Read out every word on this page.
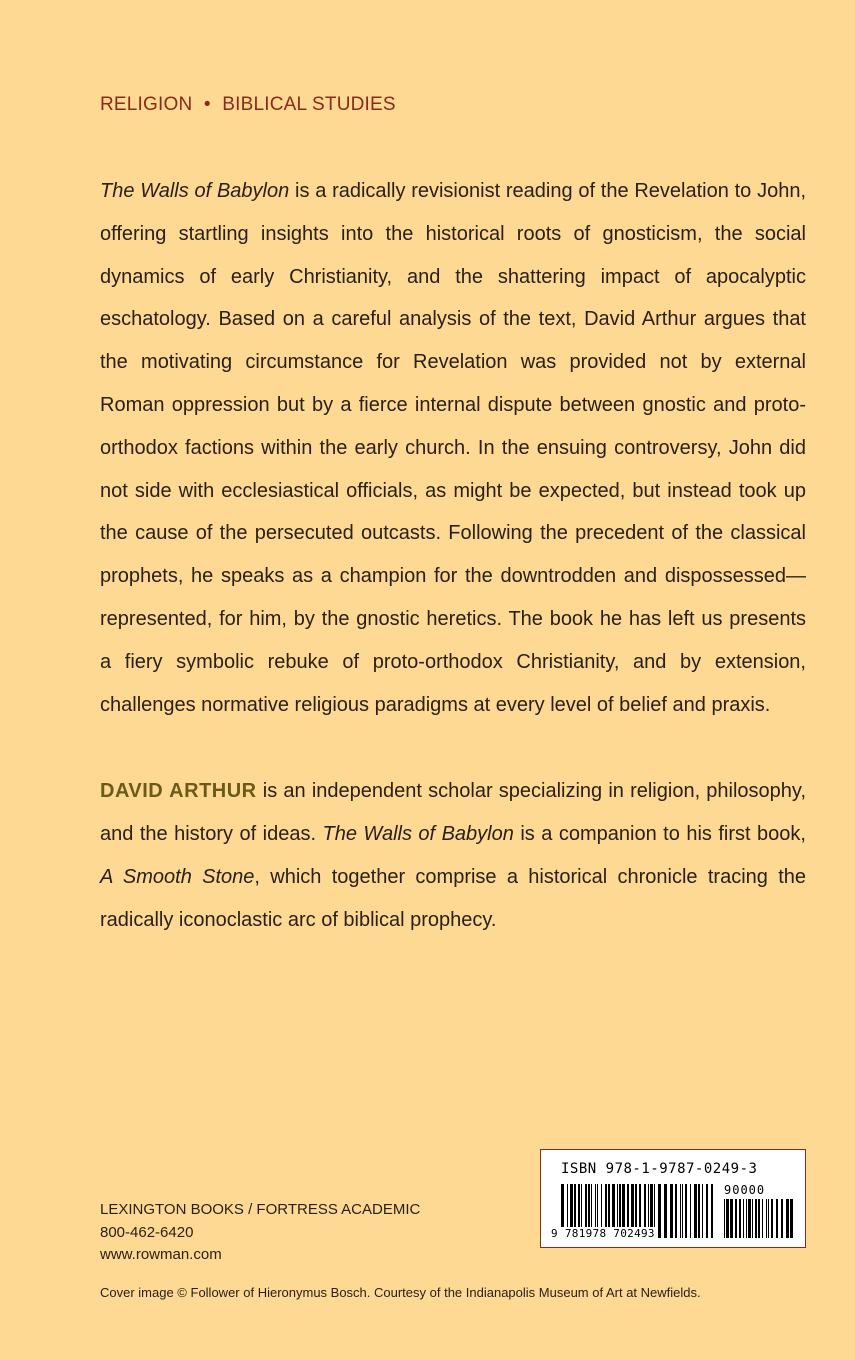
RELIGION • BIBLICAL STUDIES

The Walls of Babylon is a radically revisionist reading of the Revelation to John, offering startling insights into the historical roots of gnosticism, the social dynamics of early Christianity, and the shattering impact of apocalyptic eschatology. Based on a careful analysis of the text, David Arthur argues that the motivating circumstance for Revelation was provided not by external Roman oppression but by a fierce internal dispute between gnostic and proto-orthodox factions within the early church. In the ensuing controversy, John did not side with ecclesiastical officials, as might be expected, but instead took up the cause of the persecuted outcasts. Following the precedent of the classical prophets, he speaks as a champion for the downtrodden and dispossessed—represented, for him, by the gnostic heretics. The book he has left us presents a fiery symbolic rebuke of proto-orthodox Christianity, and by extension, challenges normative religious paradigms at every level of belief and praxis.

DAVID ARTHUR is an independent scholar specializing in religion, philosophy, and the history of ideas. The Walls of Babylon is a companion to his first book, A Smooth Stone, which together comprise a historical chronicle tracing the radically iconoclastic arc of biblical prophecy.

LEXINGTON BOOKS / FORTRESS ACADEMIC
800-462-6420
www.rowman.com
ISBN 978-1-9787-0249-3
90000
9 781978 702493
Cover image © Follower of Hieronymus Bosch. Courtesy of the Indianapolis Museum of Art at Newfields.
